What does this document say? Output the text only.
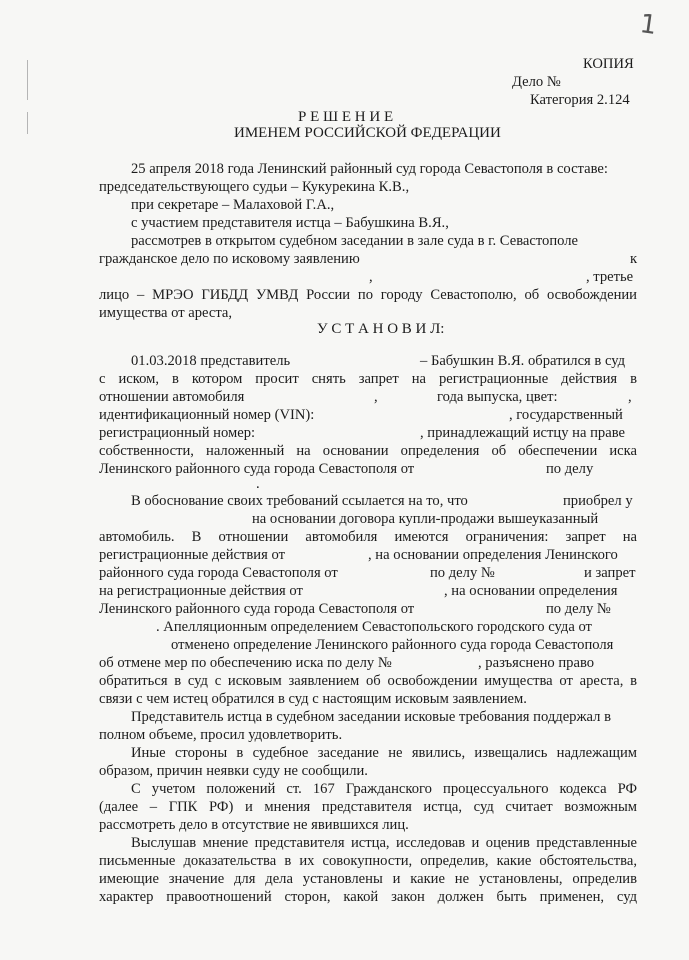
1
КОПИЯ
Дело №
Категория 2.124
Р Е Ш Е Н И Е
ИМЕНЕМ РОССИЙСКОЙ ФЕДЕРАЦИИ
25 апреля 2018 года Ленинский районный суд города Севастополя в составе:
председательствующего судьи – Кукурекина К.В.,
при секретаре – Малаховой Г.А.,
с участием представителя истца – Бабушкина В.Я.,
рассмотрев в открытом судебном заседании в зале суда в г. Севастополе
гражданское дело по исковому заявлению	к
,	, третье
лицо – МРЭО ГИБДД УМВД России по городу Севастополю, об освобождении
имущества от ареста,
У С Т А Н О В И Л:
01.03.2018 представитель	– Бабушкин В.Я. обратился в суд
с иском, в котором просит снять запрет на регистрационные действия в
отношении автомобиля	,	года выпуска, цвет:	,
идентификационный номер (VIN):	, государственный
регистрационный номер:	, принадлежащий истцу на праве
собственности, наложенный на основании определения об обеспечении иска
Ленинского районного суда города Севастополя от	по делу
.
В обоснование своих требований ссылается на то, что	приобрел у
на основании договора купли-продажи вышеуказанный
автомобиль. В отношении автомобиля имеются ограничения: запрет на
регистрационные действия от	, на основании определения Ленинского
районного суда города Севастополя от	по делу №	и запрет
на регистрационные действия от	, на основании определения
Ленинского районного суда города Севастополя от	по делу №
. Апелляционным определением Севастопольского городского суда от
отменено определение Ленинского районного суда города Севастополя
об отмене мер по обеспечению иска по делу №	, разъяснено право
обратиться в суд с исковым заявлением об освобождении имущества от ареста, в
связи с чем истец обратился в суд с настоящим исковым заявлением.
Представитель истца в судебном заседании исковые требования поддержал в
полном объеме, просил удовлетворить.
Иные стороны в судебное заседание не явились, извещались надлежащим
образом, причин неявки суду не сообщили.
С учетом положений ст. 167 Гражданского процессуального кодекса РФ
(далее – ГПК РФ) и мнения представителя истца, суд считает возможным
рассмотреть дело в отсутствие не явившихся лиц.
Выслушав мнение представителя истца, исследовав и оценив представленные
письменные доказательства в их совокупности, определив, какие обстоятельства,
имеющие значение для дела установлены и какие не установлены, определив
характер правоотношений сторон, какой закон должен быть применен, суд
